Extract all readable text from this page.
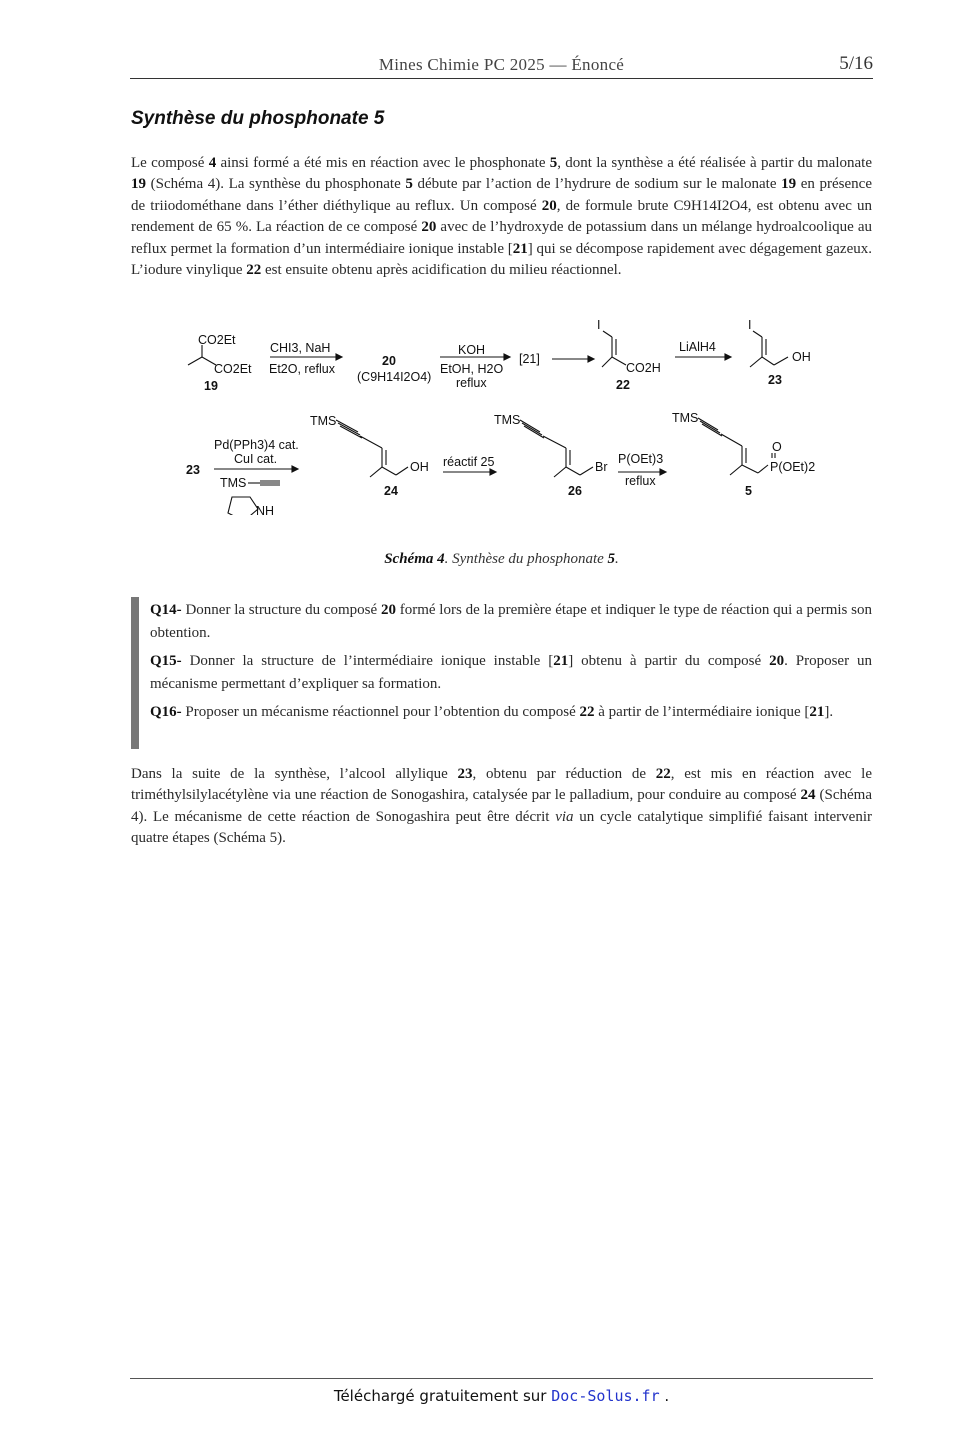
Mines Chimie PC 2025 — Énoncé	5/16
Synthèse du phosphonate 5
Le composé 4 ainsi formé a été mis en réaction avec le phosphonate 5, dont la synthèse a été réalisée à partir du malonate 19 (Schéma 4). La synthèse du phosphonate 5 débute par l’action de l’hydrure de sodium sur le malonate 19 en présence de triiodométhane dans l’éther diéthylique au reflux. Un composé 20, de formule brute C9H14I2O4, est obtenu avec un rendement de 65 %. La réaction de ce composé 20 avec de l’hydroxyde de potassium dans un mélange hydroalcoolique au reflux permet la formation d’un intermédiaire ionique instable [21] qui se décompose rapidement avec dégagement gazeux. L’iodure vinylique 22 est ensuite obtenu après acidification du milieu réactionnel.
CO2Et
CO2Et
19
CHI3, NaH
Et2O, reflux
20
(C9H14I2O4)
KOH
EtOH, H2O
reflux
[21]
I
CO2H
22
LiAlH4
I
OH
23
23
Pd(PPh3)4 cat.
CuI cat.
TMS
NH
TMS
OH
24
réactif 25
TMS
Br
26
P(OEt)3
reflux
TMS
O
P(OEt)2
5
Schéma 4. Synthèse du phosphonate 5.
Q14- Donner la structure du composé 20 formé lors de la première étape et indiquer le type de réaction qui a permis son obtention.
Q15- Donner la structure de l’intermédiaire ionique instable [21] obtenu à partir du composé 20. Proposer un mécanisme permettant d’expliquer sa formation.
Q16- Proposer un mécanisme réactionnel pour l’obtention du composé 22 à partir de l’intermédiaire ionique [21].
Dans la suite de la synthèse, l’alcool allylique 23, obtenu par réduction de 22, est mis en réaction avec le triméthylsilylacétylène via une réaction de Sonogashira, catalysée par le palladium, pour conduire au composé 24 (Schéma 4). Le mécanisme de cette réaction de Sonogashira peut être décrit via un cycle catalytique simplifié faisant intervenir quatre étapes (Schéma 5).
Téléchargé gratuitement sur Doc-Solus.fr .
